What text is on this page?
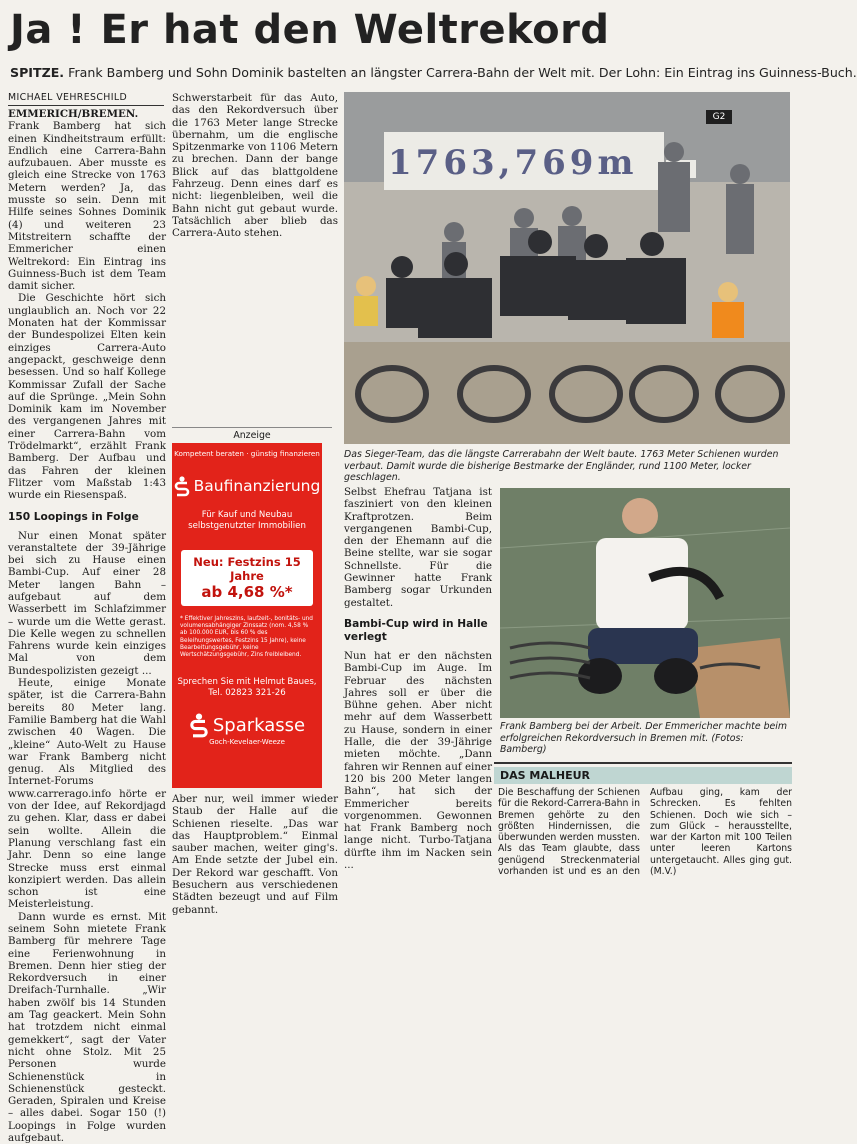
Ja ! Er hat den Weltrekord
SPITZE. Frank Bamberg und Sohn Dominik bastelten an längster Carrera-Bahn der Welt mit. Der Lohn: Ein Eintrag ins Guinness-Buch.
MICHAEL VEHRESCHILD

EMMERICH/BREMEN. Frank Bamberg hat sich einen Kindheitstraum erfüllt: Endlich eine Carrera-Bahn aufzubauen. Aber musste es gleich eine Strecke von 1763 Metern werden? Ja, das musste so sein. Denn mit Hilfe seines Sohnes Dominik (4) und weiteren 23 Mitstreitern schaffte der Emmericher einen Weltrekord: Ein Eintrag ins Guinness-Buch ist dem Team damit sicher.

Die Geschichte hört sich unglaublich an. Noch vor 22 Monaten hat der Kommissar der Bundespolizei Elten kein einziges Carrera-Auto angepackt, geschweige denn besessen. Und so half Kollege Kommissar Zufall der Sache auf die Sprünge. „Mein Sohn Dominik kam im November des vergangenen Jahres mit einer Carrera-Bahn vom Trödelmarkt“, erzählt Frank Bamberg. Der Aufbau und das Fahren der kleinen Flitzer vom Maßstab 1:43 wurde ein Riesenspaß.

150 Loopings in Folge

Nur einen Monat später veranstaltete der 39-Jährige bei sich zu Hause einen Bambi-Cup. Auf einer 28 Meter langen Bahn – aufgebaut auf dem Wasserbett im Schlafzimmer – wurde um die Wette gerast. Die Kelle wegen zu schnellen Fahrens wurde kein einziges Mal von dem Bundespolizisten gezeigt ...

Heute, einige Monate später, ist die Carrera-Bahn bereits 80 Meter lang. Familie Bamberg hat die Wahl zwischen 40 Wagen. Die „kleine“ Auto-Welt zu Hause war Frank Bamberg nicht genug. Als Mitglied des Internet-Forums www.carrerago.info hörte er von der Idee, auf Rekordjagd zu gehen. Klar, dass er dabei sein wollte. Allein die Planung verschlang fast ein Jahr. Denn so eine lange Strecke muss erst einmal konzipiert werden. Das allein schon ist eine Meisterleistung.

Dann wurde es ernst. Mit seinem Sohn mietete Frank Bamberg für mehrere Tage eine Ferienwohnung in Bremen. Denn hier stieg der Rekordversuch in einer Dreifach-Turnhalle. „Wir haben zwölf bis 14 Stunden am Tag geackert. Mein Sohn hat trotzdem nicht einmal gemekkert“, sagt der Vater nicht ohne Stolz. Mit 25 Personen wurde Schienenstück in Schienenstück gesteckt. Geraden, Spiralen und Kreise – alles dabei. Sogar 150 (!) Loopings in Folge wurden aufgebaut.

Schwerstarbeit für das Auto, das den Rekordversuch über die 1763 Meter lange Strecke übernahm, um die englische Spitzenmarke von 1106 Metern zu brechen. Dann der bange Blick auf das blattgoldene Fahrzeug. Denn eines darf es nicht: liegenbleiben, weil die Bahn nicht gut gebaut wurde. Tatsächlich aber blieb das Carrera-Auto stehen.

Anzeige
Kompetent beraten · günstig finanzieren
Baufinanzierung
Für Kauf und Neubau selbstgenutzter Immobilien
Neu: Festzins 15 Jahre
ab 4,68 %*
* Effektiver Jahreszins, laufzeit-, bonitäts- und volumensabhängiger Zinssatz (nom. 4,58 % ab 100.000 EUR, bis 60 % des Beleihungswertes, Festzins 15 Jahre), keine Bearbeitungsgebühr, keine Wertschätzungsgebühr, Zins freibleibend.
Sprechen Sie mit Helmut Baues,
Tel. 02823 321-26
Sparkasse
Goch-Kevelaer-Weeze

Aber nur, weil immer wieder Staub der Halle auf die Schienen rieselte. „Das war das Hauptproblem.“ Einmal sauber machen, weiter ging's. Am Ende setzte der Jubel ein. Der Rekord war geschafft. Von Besuchern aus verschiedenen Städten bezeugt und auf Film gebannt.

Selbst Ehefrau Tatjana ist fasziniert von den kleinen Kraftprotzen. Beim vergangenen Bambi-Cup, den der Ehemann auf die Beine stellte, war sie sogar Schnellste. Für die Gewinner hatte Frank Bamberg sogar Urkunden gestaltet.

Bambi-Cup wird in Halle verlegt

Nun hat er den nächsten Bambi-Cup im Auge. Im Februar des nächsten Jahres soll er über die Bühne gehen. Aber nicht mehr auf dem Wasserbett zu Hause, sondern in einer Halle, die der 39-Jährige mieten möchte. „Dann fahren wir Rennen auf einer 120 bis 200 Meter langen Bahn“, hat sich der Emmericher bereits vorgenommen. Gewonnen hat Frank Bamberg noch lange nicht. Turbo-Tatjana dürfte ihm im Nacken sein ...

1763,769m
G2
Das Sieger-Team, das die längste Carrerabahn der Welt baute. 1763 Meter Schienen wurden verbaut. Damit wurde die bisherige Bestmarke der Engländer, rund 1100 Meter, locker geschlagen.
Frank Bamberg bei der Arbeit. Der Emmericher machte beim erfolgreichen Rekordversuch in Bremen mit. (Fotos: Bamberg)
DAS MALHEUR
Die Beschaffung der Schienen für die Rekord-Carrera-Bahn in Bremen gehörte zu den größten Hindernissen, die überwunden werden mussten. Als das Team glaubte, dass genügend Streckenmaterial vorhanden ist und es an den Aufbau ging, kam der Schrecken. Es fehlten Schienen. Doch wie sich – zum Glück – herausstellte, war der Karton mit 100 Teilen unter leeren Kartons untergetaucht. Alles ging gut. (M.V.)
